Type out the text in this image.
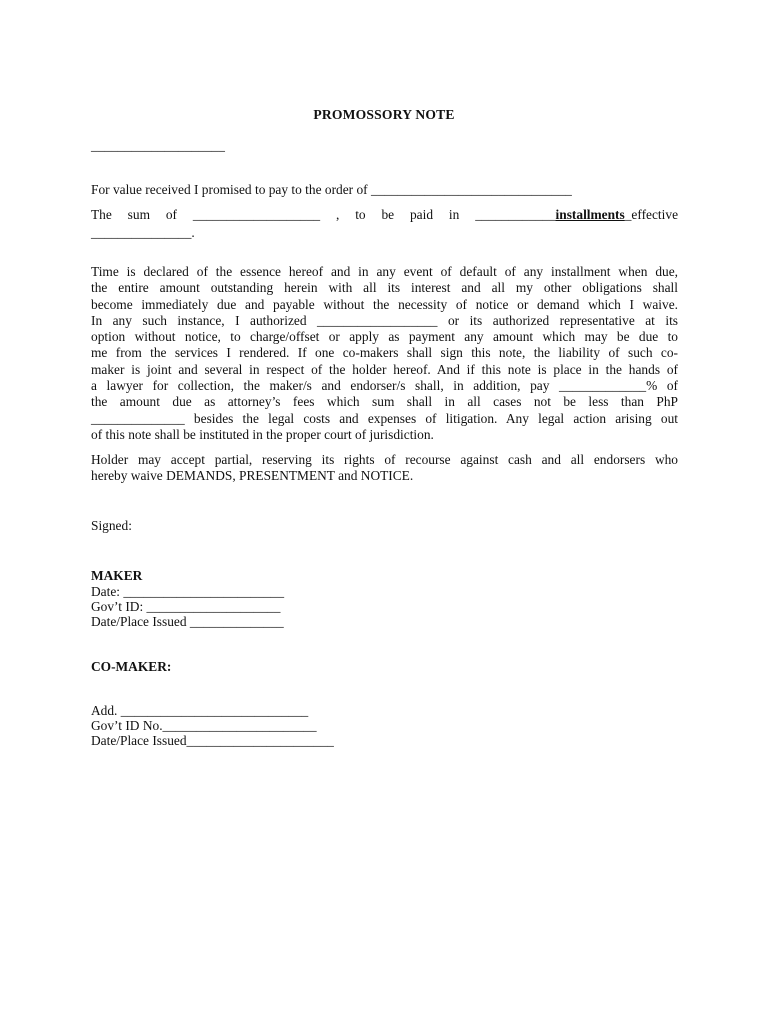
PROMOSSORY NOTE
____________________
For value received I promised to pay to the order of ______________________________
The sum of ___________________ , to be paid in ____________installments_effective
_______________.
Time is declared of the essence hereof and in any event of default of any installment when due,
the entire amount outstanding herein with all its interest and all my other obligations shall
become immediately due and payable without the necessity of notice or demand which I waive.
In any such instance, I authorized __________________ or its authorized representative at its
option without notice, to charge/offset or apply as payment any amount which may be due to
me from the services I rendered. If one co-makers shall sign this note, the liability of such co-
maker is joint and several in respect of the holder hereof. And if this note is place in the hands of
a lawyer for collection, the maker/s and endorser/s shall, in addition, pay _____________% of
the amount due as attorney’s fees which sum shall in all cases not be less than PhP
______________ besides the legal costs and expenses of litigation. Any legal action arising out
of this note shall be instituted in the proper court of jurisdiction.
Holder may accept partial, reserving its rights of recourse against cash and all endorsers who
hereby waive DEMANDS, PRESENTMENT and NOTICE.
Signed:
MAKER
Date: ________________________
Gov’t ID: ____________________
Date/Place Issued ______________
CO-MAKER:
Add. ____________________________
Gov’t ID No._______________________
Date/Place Issued______________________
